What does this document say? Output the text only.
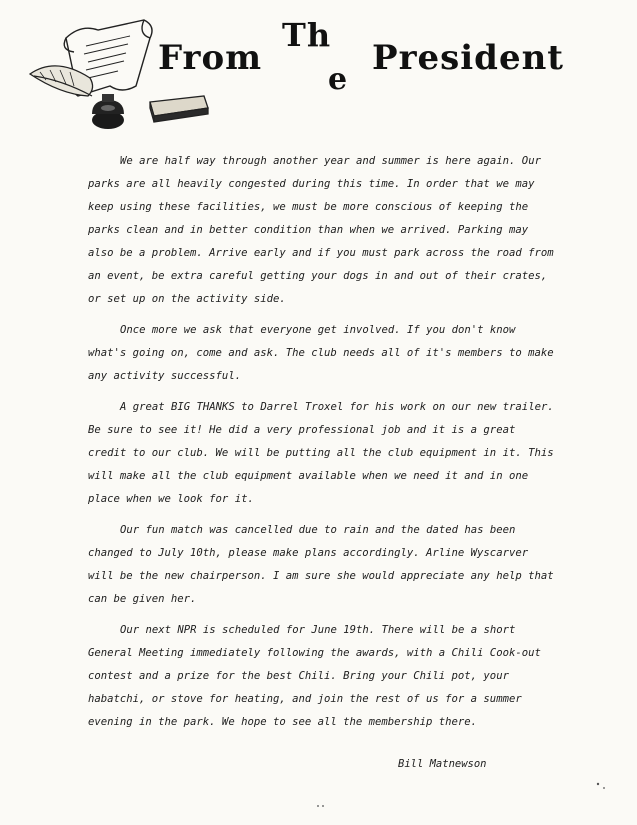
From
Th
e
President

We are half way through another year and summer is here again. Our parks are all heavily congested during this time. In order that we may keep using these facilities, we must be more conscious of keeping the parks clean and in better condition than when we arrived. Parking may also be a problem. Arrive early and if you must park across the road from an event, be extra careful getting your dogs in and out of their crates, or set up on the activity side.

Once more we ask that everyone get involved. If you don't know what's going on, come and ask. The club needs all of it's members to make any activity successful.

A great BIG THANKS to Darrel Troxel for his work on our new trailer. Be sure to see it! He did a very professional job and it is a great credit to our club. We will be putting all the club equipment in it. This will make all the club equipment available when we need it and in one place when we look for it.

Our fun match was cancelled due to rain and the dated has been changed to July 10th, please make plans accordingly. Arline Wyscarver will be the new chairperson. I am sure she would appreciate any help that can be given her.

Our next NPR is scheduled for June 19th. There will be a short General Meeting immediately following the awards, with a Chili Cook-out contest and a prize for the best Chili. Bring your Chili pot, your habatchi, or stove for heating, and join the rest of us for a summer evening in the park. We hope to see all the membership there.

Bill Matnewson
